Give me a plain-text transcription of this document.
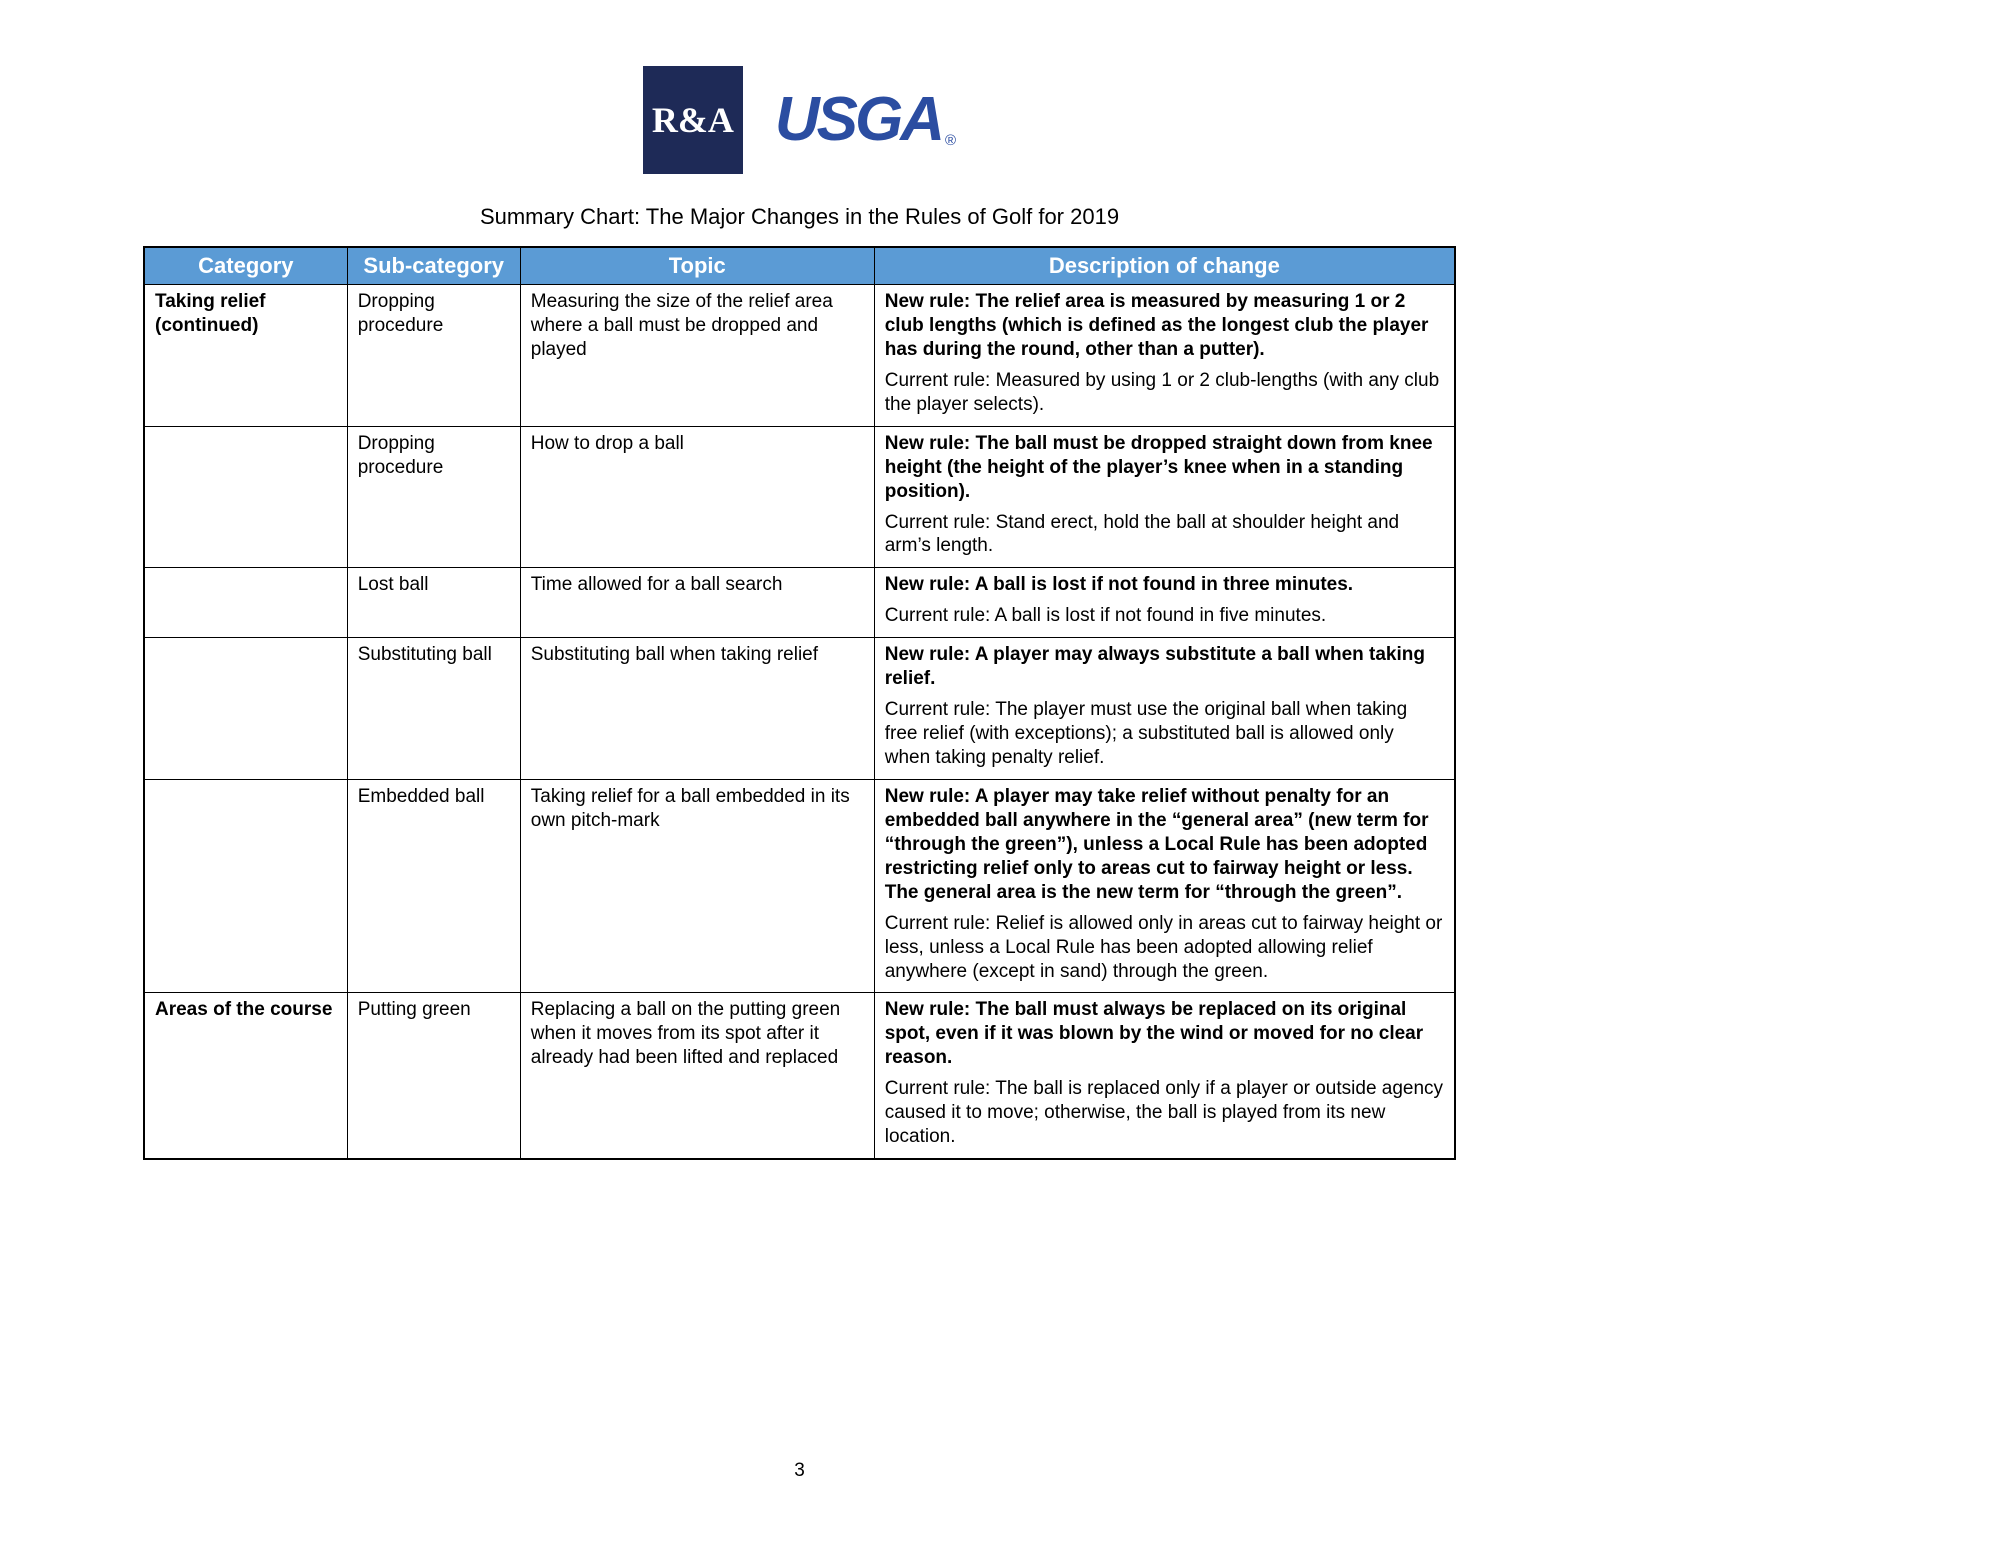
R&A USGA ®
Summary Chart: The Major Changes in the Rules of Golf for 2019
Category	Sub-category	Topic	Description of change
Taking relief (continued)	Dropping procedure	Measuring the size of the relief area where a ball must be dropped and played	New rule: The relief area is measured by measuring 1 or 2 club lengths (which is defined as the longest club the player has during the round, other than a putter).

Current rule: Measured by using 1 or 2 club-lengths (with any club the player selects).

	Dropping procedure	How to drop a ball	New rule: The ball must be dropped straight down from knee height (the height of the player’s knee when in a standing position).

Current rule: Stand erect, hold the ball at shoulder height and arm’s length.

	Lost ball	Time allowed for a ball search	New rule: A ball is lost if not found in three minutes.

Current rule: A ball is lost if not found in five minutes.

	Substituting ball	Substituting ball when taking relief	New rule: A player may always substitute a ball when taking relief.

Current rule: The player must use the original ball when taking free relief (with exceptions); a substituted ball is allowed only when taking penalty relief.

	Embedded ball	Taking relief for a ball embedded in its own pitch-mark	New rule: A player may take relief without penalty for an embedded ball anywhere in the “general area” (new term for “through the green”), unless a Local Rule has been adopted restricting relief only to areas cut to fairway height or less. The general area is the new term for “through the green”.

Current rule: Relief is allowed only in areas cut to fairway height or less, unless a Local Rule has been adopted allowing relief anywhere (except in sand) through the green.

Areas of the course	Putting green	Replacing a ball on the putting green when it moves from its spot after it already had been lifted and replaced	New rule: The ball must always be replaced on its original spot, even if it was blown by the wind or moved for no clear reason.

Current rule: The ball is replaced only if a player or outside agency caused it to move; otherwise, the ball is played from its new location.

3
